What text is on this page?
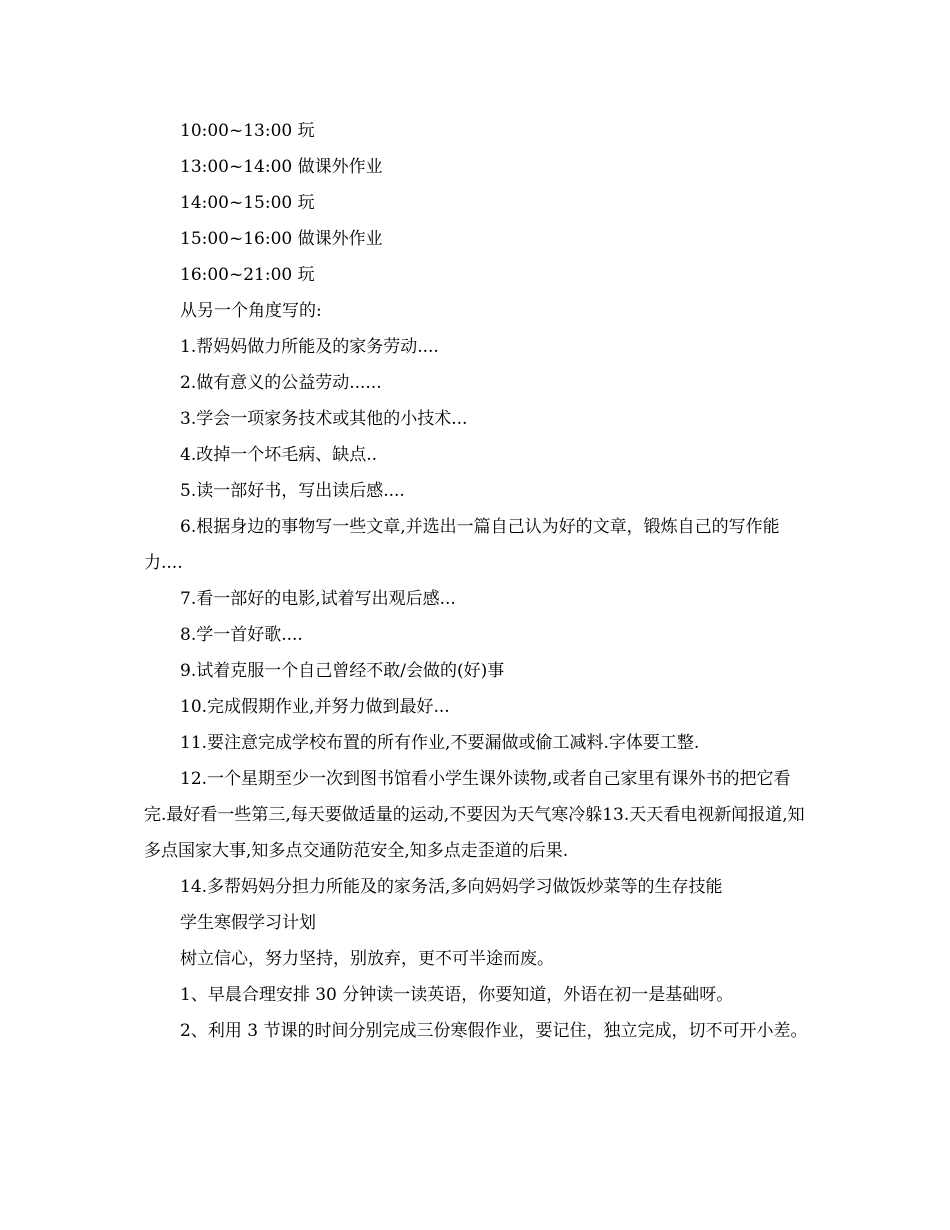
10:00~13:00 玩

13:00~14:00 做课外作业

14:00~15:00 玩

15:00~16:00 做课外作业

16:00~21:00 玩

从另一个角度写的:

1.帮妈妈做力所能及的家务劳动....

2.做有意义的公益劳动......

3.学会一项家务技术或其他的小技术...

4.改掉一个坏毛病、缺点..

5.读一部好书，写出读后感....

6.根据身边的事物写一些文章,并选出一篇自己认为好的文章，锻炼自己的写作能力....

7.看一部好的电影,试着写出观后感...

8.学一首好歌....

9.试着克服一个自己曾经不敢/会做的(好)事

10.完成假期作业,并努力做到最好...

11.要注意完成学校布置的所有作业,不要漏做或偷工减料.字体要工整.

12.一个星期至少一次到图书馆看小学生课外读物,或者自己家里有课外书的把它看完.最好看一些第三,每天要做适量的运动,不要因为天气寒冷躲13.天天看电视新闻报道,知多点国家大事,知多点交通防范安全,知多点走歪道的后果.

14.多帮妈妈分担力所能及的家务活,多向妈妈学习做饭炒菜等的生存技能

学生寒假学习计划

树立信心，努力坚持，别放弃，更不可半途而废。

1、早晨合理安排 30 分钟读一读英语，你要知道，外语在初一是基础呀。

2、利用 3 节课的时间分别完成三份寒假作业，要记住，独立完成，切不可开小差。
